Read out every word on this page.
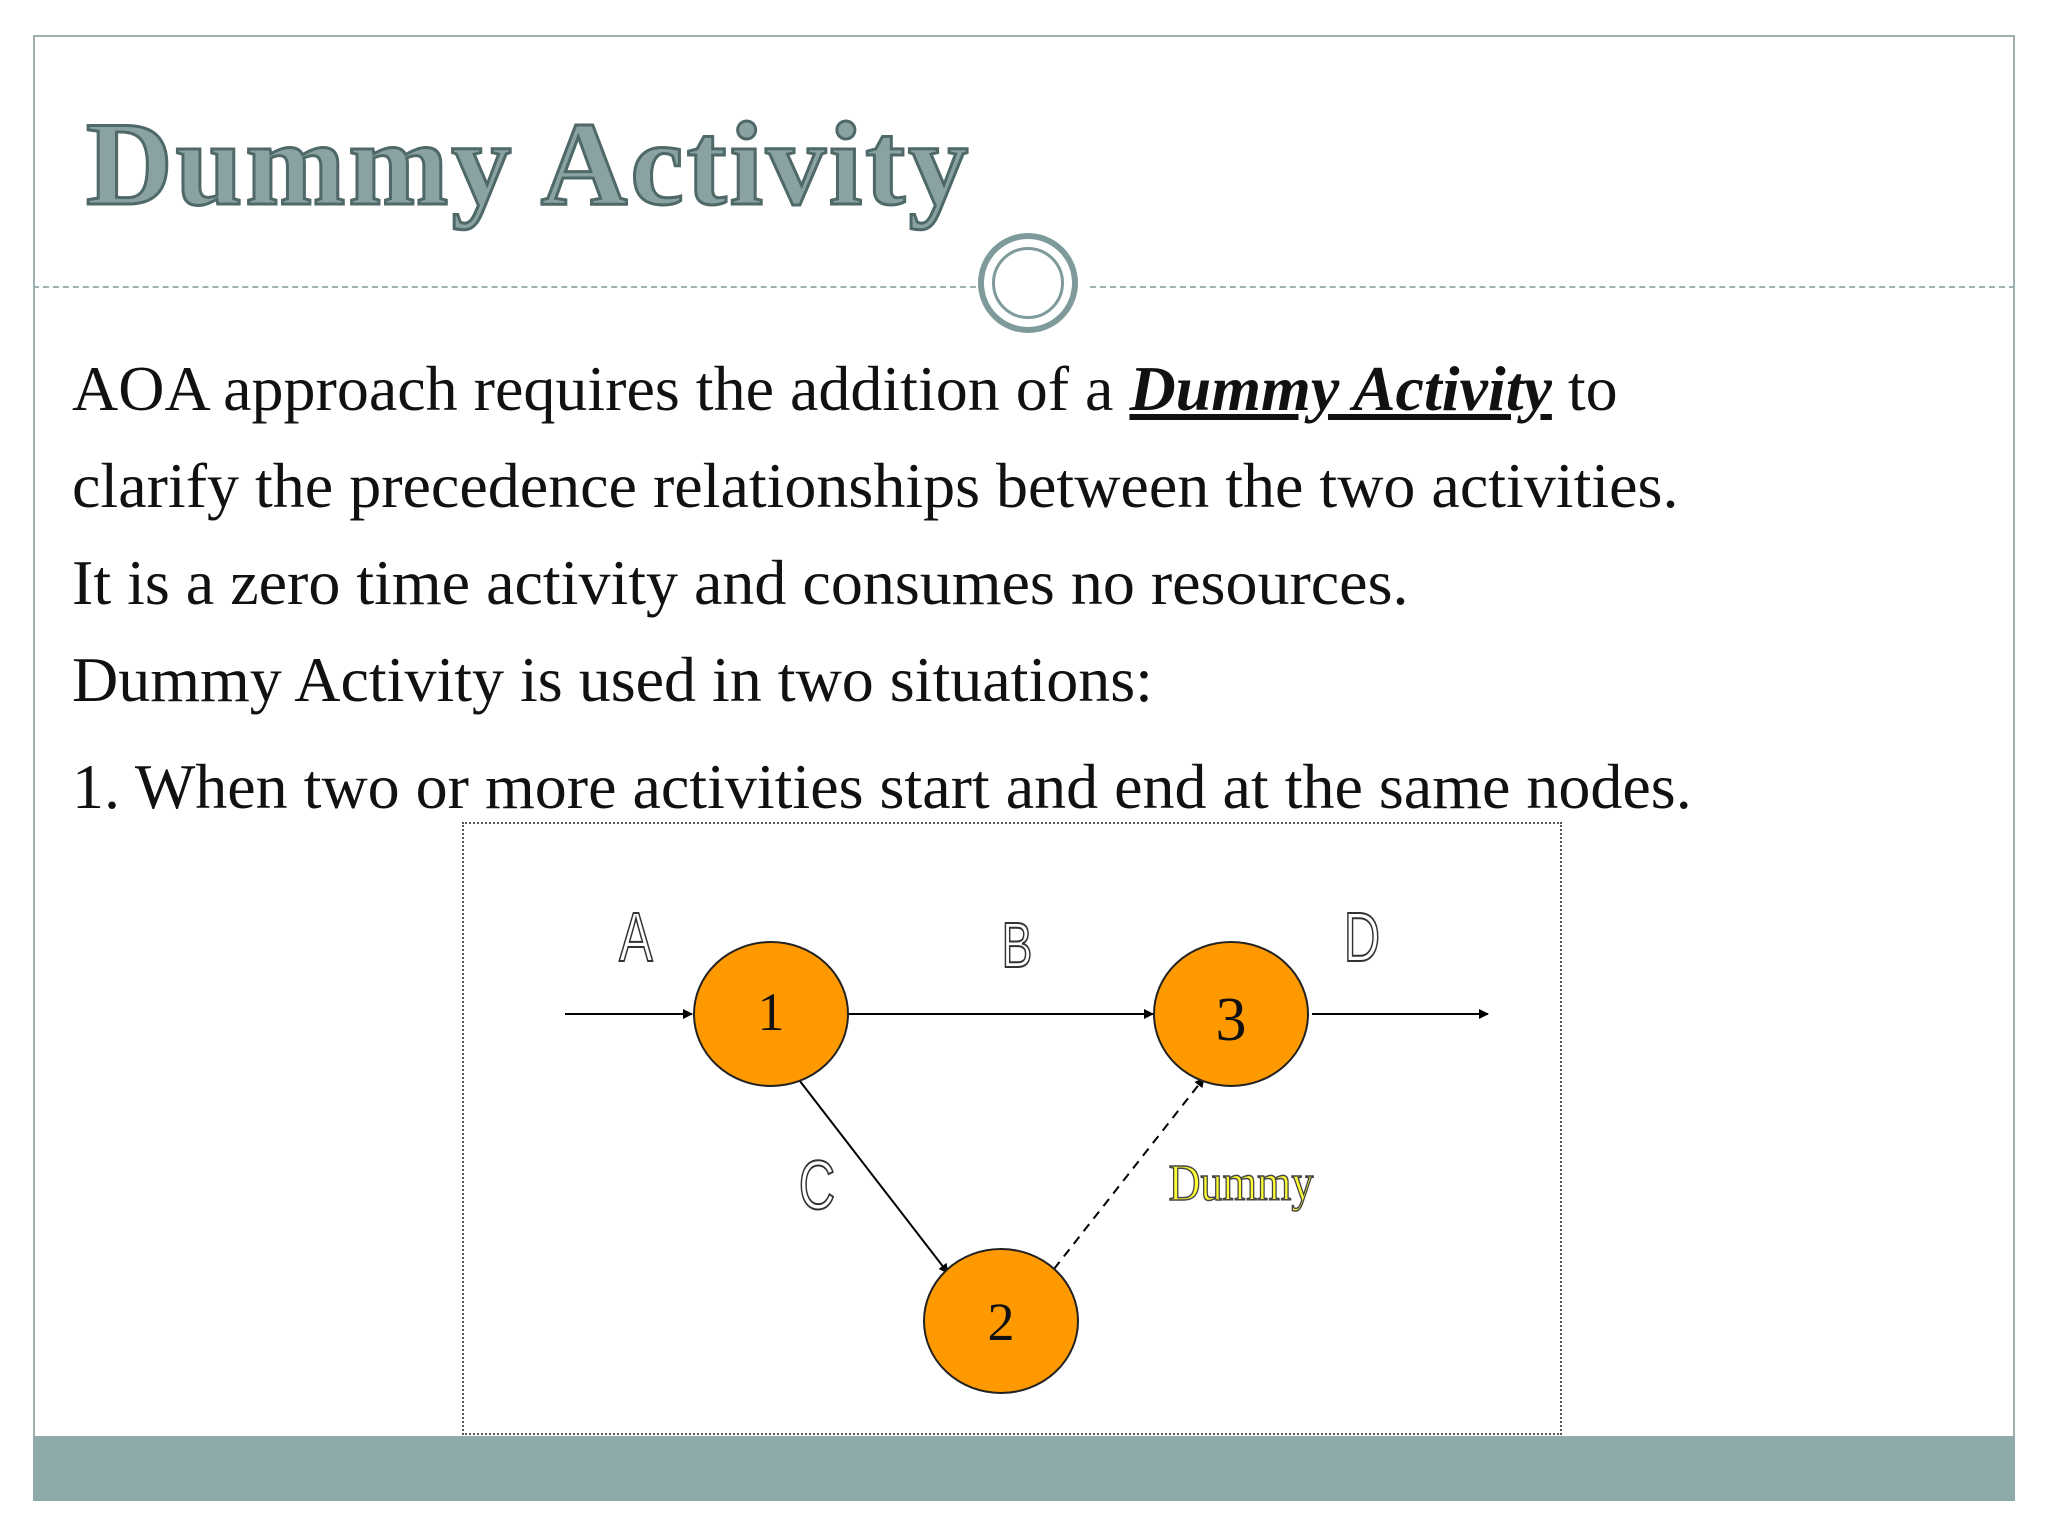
Dummy Activity

AOA approach requires the addition of a Dummy Activity to

clarify the precedence relationships between the two activities.

It is a zero time activity and consumes no resources.

Dummy Activity is used in two situations:

1. When two or more activities start and end at the same nodes.

1	3
2
A	B	D
C	Dummy
